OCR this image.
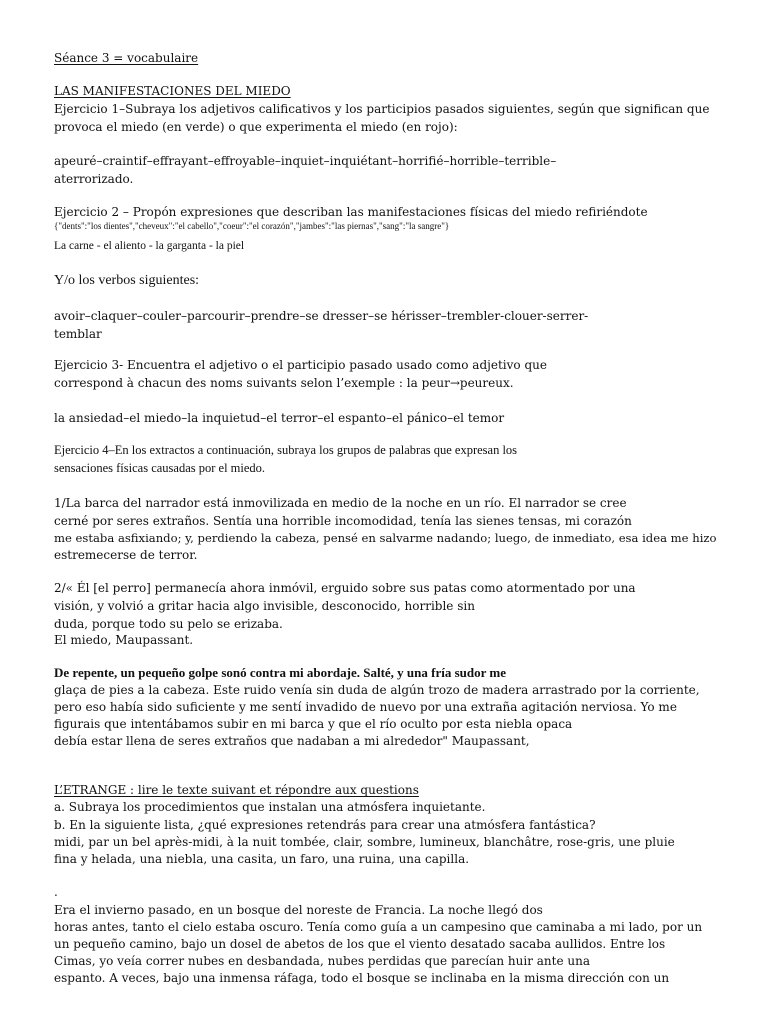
Séance 3 = vocabulaire
LAS MANIFESTACIONES DEL MIEDO
Ejercicio 1–Subraya los adjetivos calificativos y los participios pasados siguientes, según que significan que
provoca el miedo (en verde) o que experimenta el miedo (en rojo):
apeuré–craintif–effrayant–effroyable–inquiet–inquiétant–horrifié–horrible–terrible–
aterrorizado.
Ejercicio 2 – Propón expresiones que describan las manifestaciones físicas del miedo refiriéndote
{"dents":"los dientes","cheveux":"el cabello","coeur":"el corazón","jambes":"las piernas","sang":"la sangre"}
La carne - el aliento - la garganta - la piel
Y/o los verbos siguientes:
avoir–claquer–couler–parcourir–prendre–se dresser–se hérisser–trembler-clouer-serrer-
temblar
Ejercicio 3- Encuentra el adjetivo o el participio pasado usado como adjetivo que
correspond à chacun des noms suivants selon l’exemple : la peur→peureux.
la ansiedad–el miedo–la inquietud–el terror–el espanto–el pánico–el temor
Ejercicio 4–En los extractos a continuación, subraya los grupos de palabras que expresan los
sensaciones físicas causadas por el miedo.
1/La barca del narrador está inmovilizada en medio de la noche en un río. El narrador se cree
cerné por seres extraños. Sentía una horrible incomodidad, tenía las sienes tensas, mi corazón
me estaba asfixiando; y, perdiendo la cabeza, pensé en salvarme nadando; luego, de inmediato, esa idea me hizo
estremecerse de terror.
2/« Él [el perro] permanecía ahora inmóvil, erguido sobre sus patas como atormentado por una
visión, y volvió a gritar hacia algo invisible, desconocido, horrible sin
duda, porque todo su pelo se erizaba.
El miedo, Maupassant.
De repente, un pequeño golpe sonó contra mi abordaje. Salté, y una fría sudor me
glaça de pies a la cabeza. Este ruido venía sin duda de algún trozo de madera arrastrado por la corriente,
pero eso había sido suficiente y me sentí invadido de nuevo por una extraña agitación nerviosa. Yo me
figurais que intentábamos subir en mi barca y que el río oculto por esta niebla opaca
debía estar llena de seres extraños que nadaban a mi alrededor" Maupassant,
L’ETRANGE : lire le texte suivant et répondre aux questions
a. Subraya los procedimientos que instalan una atmósfera inquietante.
b. En la siguiente lista, ¿qué expresiones retendrás para crear una atmósfera fantástica?
midi, par un bel après-midi, à la nuit tombée, clair, sombre, lumineux, blanchâtre, rose-gris, une pluie
fina y helada, una niebla, una casita, un faro, una ruina, una capilla.
.
Era el invierno pasado, en un bosque del noreste de Francia. La noche llegó dos
horas antes, tanto el cielo estaba oscuro. Tenía como guía a un campesino que caminaba a mi lado, por un
un pequeño camino, bajo un dosel de abetos de los que el viento desatado sacaba aullidos. Entre los
Cimas, yo veía correr nubes en desbandada, nubes perdidas que parecían huir ante una
espanto. A veces, bajo una inmensa ráfaga, todo el bosque se inclinaba en la misma dirección con un
